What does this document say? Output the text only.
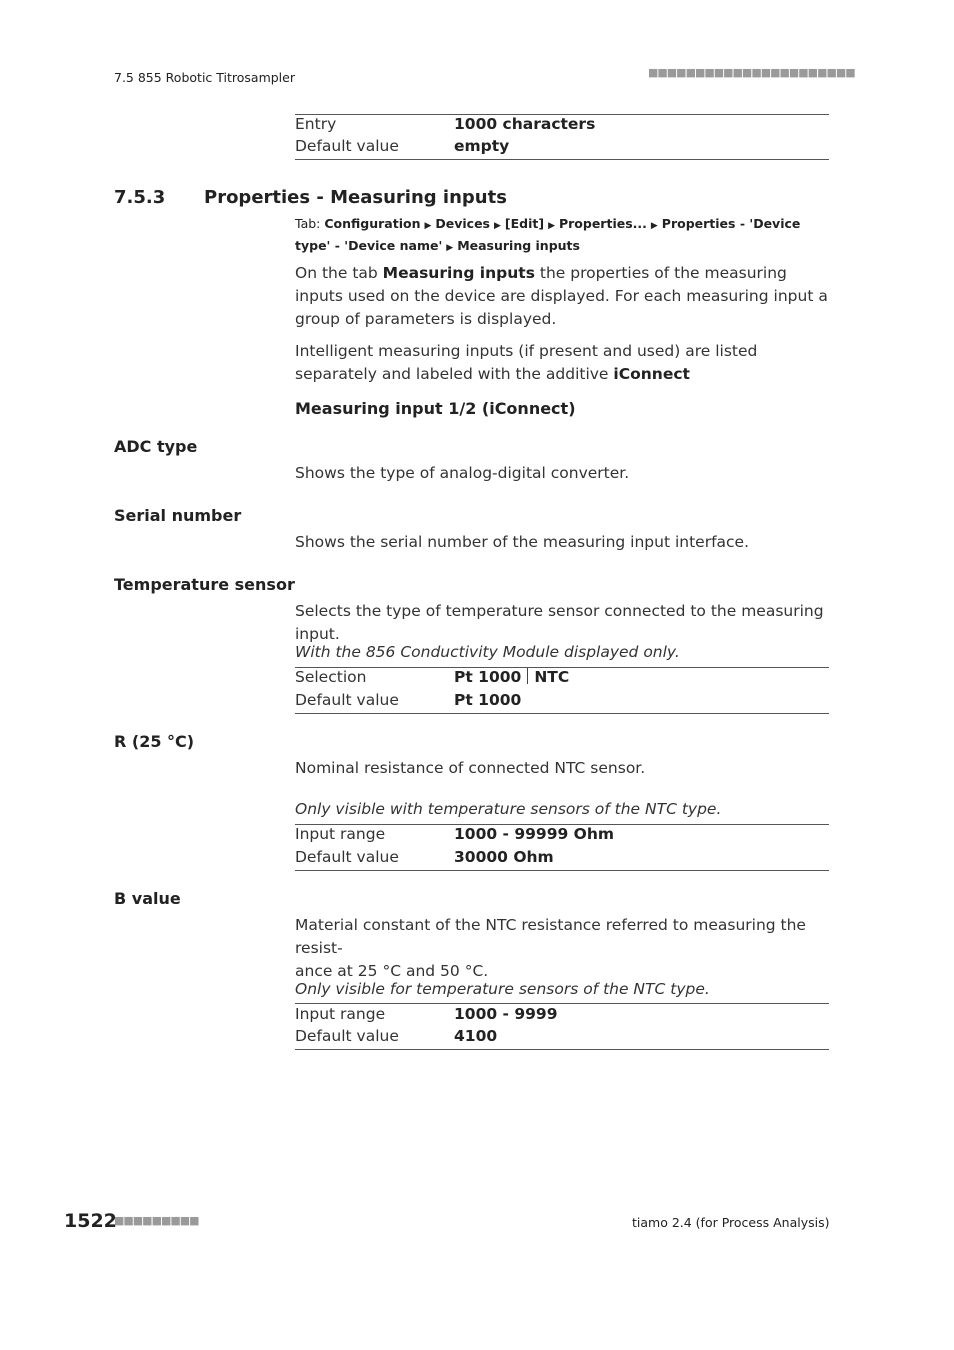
7.5 855 Robotic Titrosampler	■■■■■■■■■■■■■■■■■■■■■■
Entry	1000 characters
Default value	empty
7.5.3 Properties - Measuring inputs
Tab: Configuration ▶ Devices ▶ [Edit] ▶ Properties... ▶ Properties - 'Device type' - 'Device name' ▶ Measuring inputs
On the tab Measuring inputs the properties of the measuring inputs used on the device are displayed. For each measuring input a group of parameters is displayed.
Intelligent measuring inputs (if present and used) are listed separately and labeled with the additive iConnect
Measuring input 1/2 (iConnect)
ADC type
Shows the type of analog-digital converter.
Serial number
Shows the serial number of the measuring input interface.
Temperature sensor
Selects the type of temperature sensor connected to the measuring input.
With the 856 Conductivity Module displayed only.
Selection	Pt 1000 NTC
Default value	Pt 1000
R (25 °C)
Nominal resistance of connected NTC sensor.
Only visible with temperature sensors of the NTC type.
Input range	1000 - 99999 Ohm
Default value	30000 Ohm
B value
Material constant of the NTC resistance referred to measuring the resist-
ance at 25 °C and 50 °C.
Only visible for temperature sensors of the NTC type.
Input range	1000 - 9999
Default value	4100
1522
■■■■■■■■■	tiamo 2.4 (for Process Analysis)
